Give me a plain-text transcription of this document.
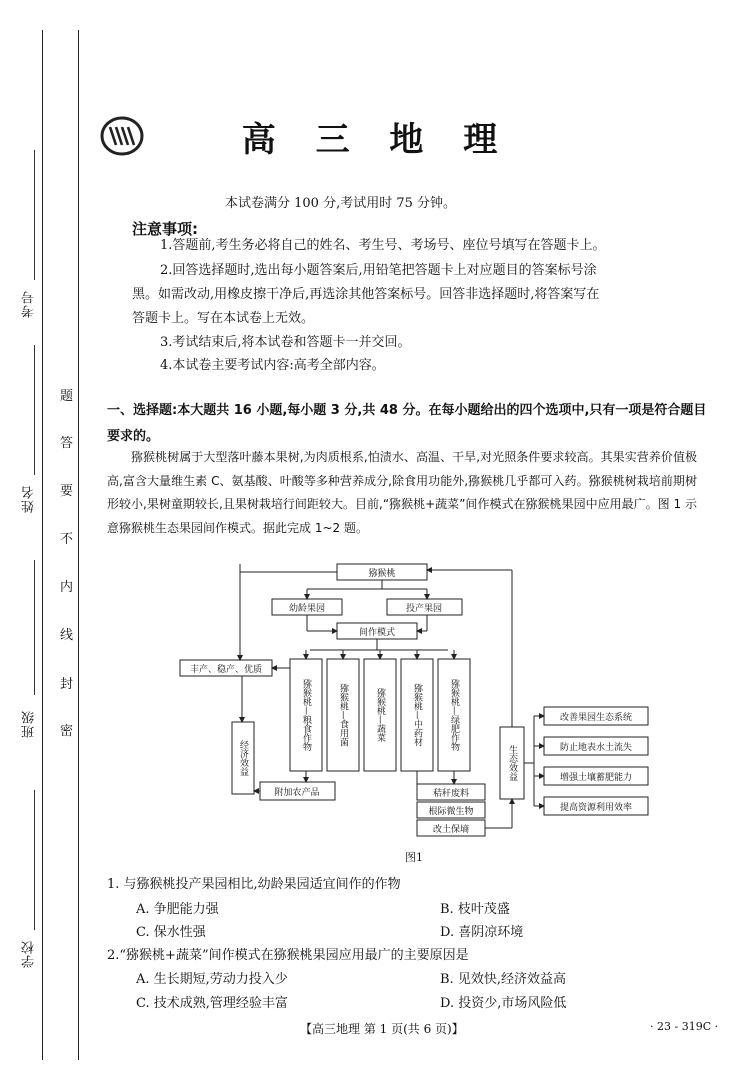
考号
姓名
班级
学校
题
答
要
不
内
线
封
密
高 三 地 理
本试卷满分 100 分,考试用时 75 分钟。
注意事项:
1.答题前,考生务必将自己的姓名、考生号、考场号、座位号填写在答题卡上。
2.回答选择题时,选出每小题答案后,用铅笔把答题卡上对应题目的答案标号涂
黑。如需改动,用橡皮擦干净后,再选涂其他答案标号。回答非选择题时,将答案写在
答题卡上。写在本试卷上无效。
3.考试结束后,将本试卷和答题卡一并交回。
4.本试卷主要考试内容:高考全部内容。
一、选择题:本大题共 16 小题,每小题 3 分,共 48 分。在每小题给出的四个选项中,只有一项是符合题目要求的。
猕猴桃树属于大型落叶藤本果树,为肉质根系,怕渍水、高温、干旱,对光照条件要求较高。其果实营养价值极高,富含大量维生素 C、氨基酸、叶酸等多种营养成分,除食用功能外,猕猴桃几乎都可入药。猕猴桃树栽培前期树形较小,果树童期较长,且果树栽培行间距较大。目前,“猕猴桃+蔬菜”间作模式在猕猴桃果园中应用最广。图 1 示意猕猴桃生态果园间作模式。据此完成 1~2 题。
猕猴桃
幼龄果园	投产果园
间作模式
丰产、稳产、优质
附加农产品	秸秆废料
根际微生物
改土保墒
改善果园生态系统
防止地表水土流失
增强土壤蓄肥能力
提高资源利用效率
经济效益	生态效益
猕猴桃—粮食作物	猕猴桃—食用菌	猕猴桃—蔬菜	猕猴桃—中药材	猕猴桃—绿肥作物
图1
1. 与猕猴桃投产果园相比,幼龄果园适宜间作的作物
A. 争肥能力强	B. 枝叶茂盛
C. 保水性强	D. 喜阴凉环境
2.“猕猴桃+蔬菜”间作模式在猕猴桃果园应用最广的主要原因是
A. 生长期短,劳动力投入少	B. 见效快,经济效益高
C. 技术成熟,管理经验丰富	D. 投资少,市场风险低
【高三地理 第 1 页(共 6 页)】	· 23 - 319C ·
